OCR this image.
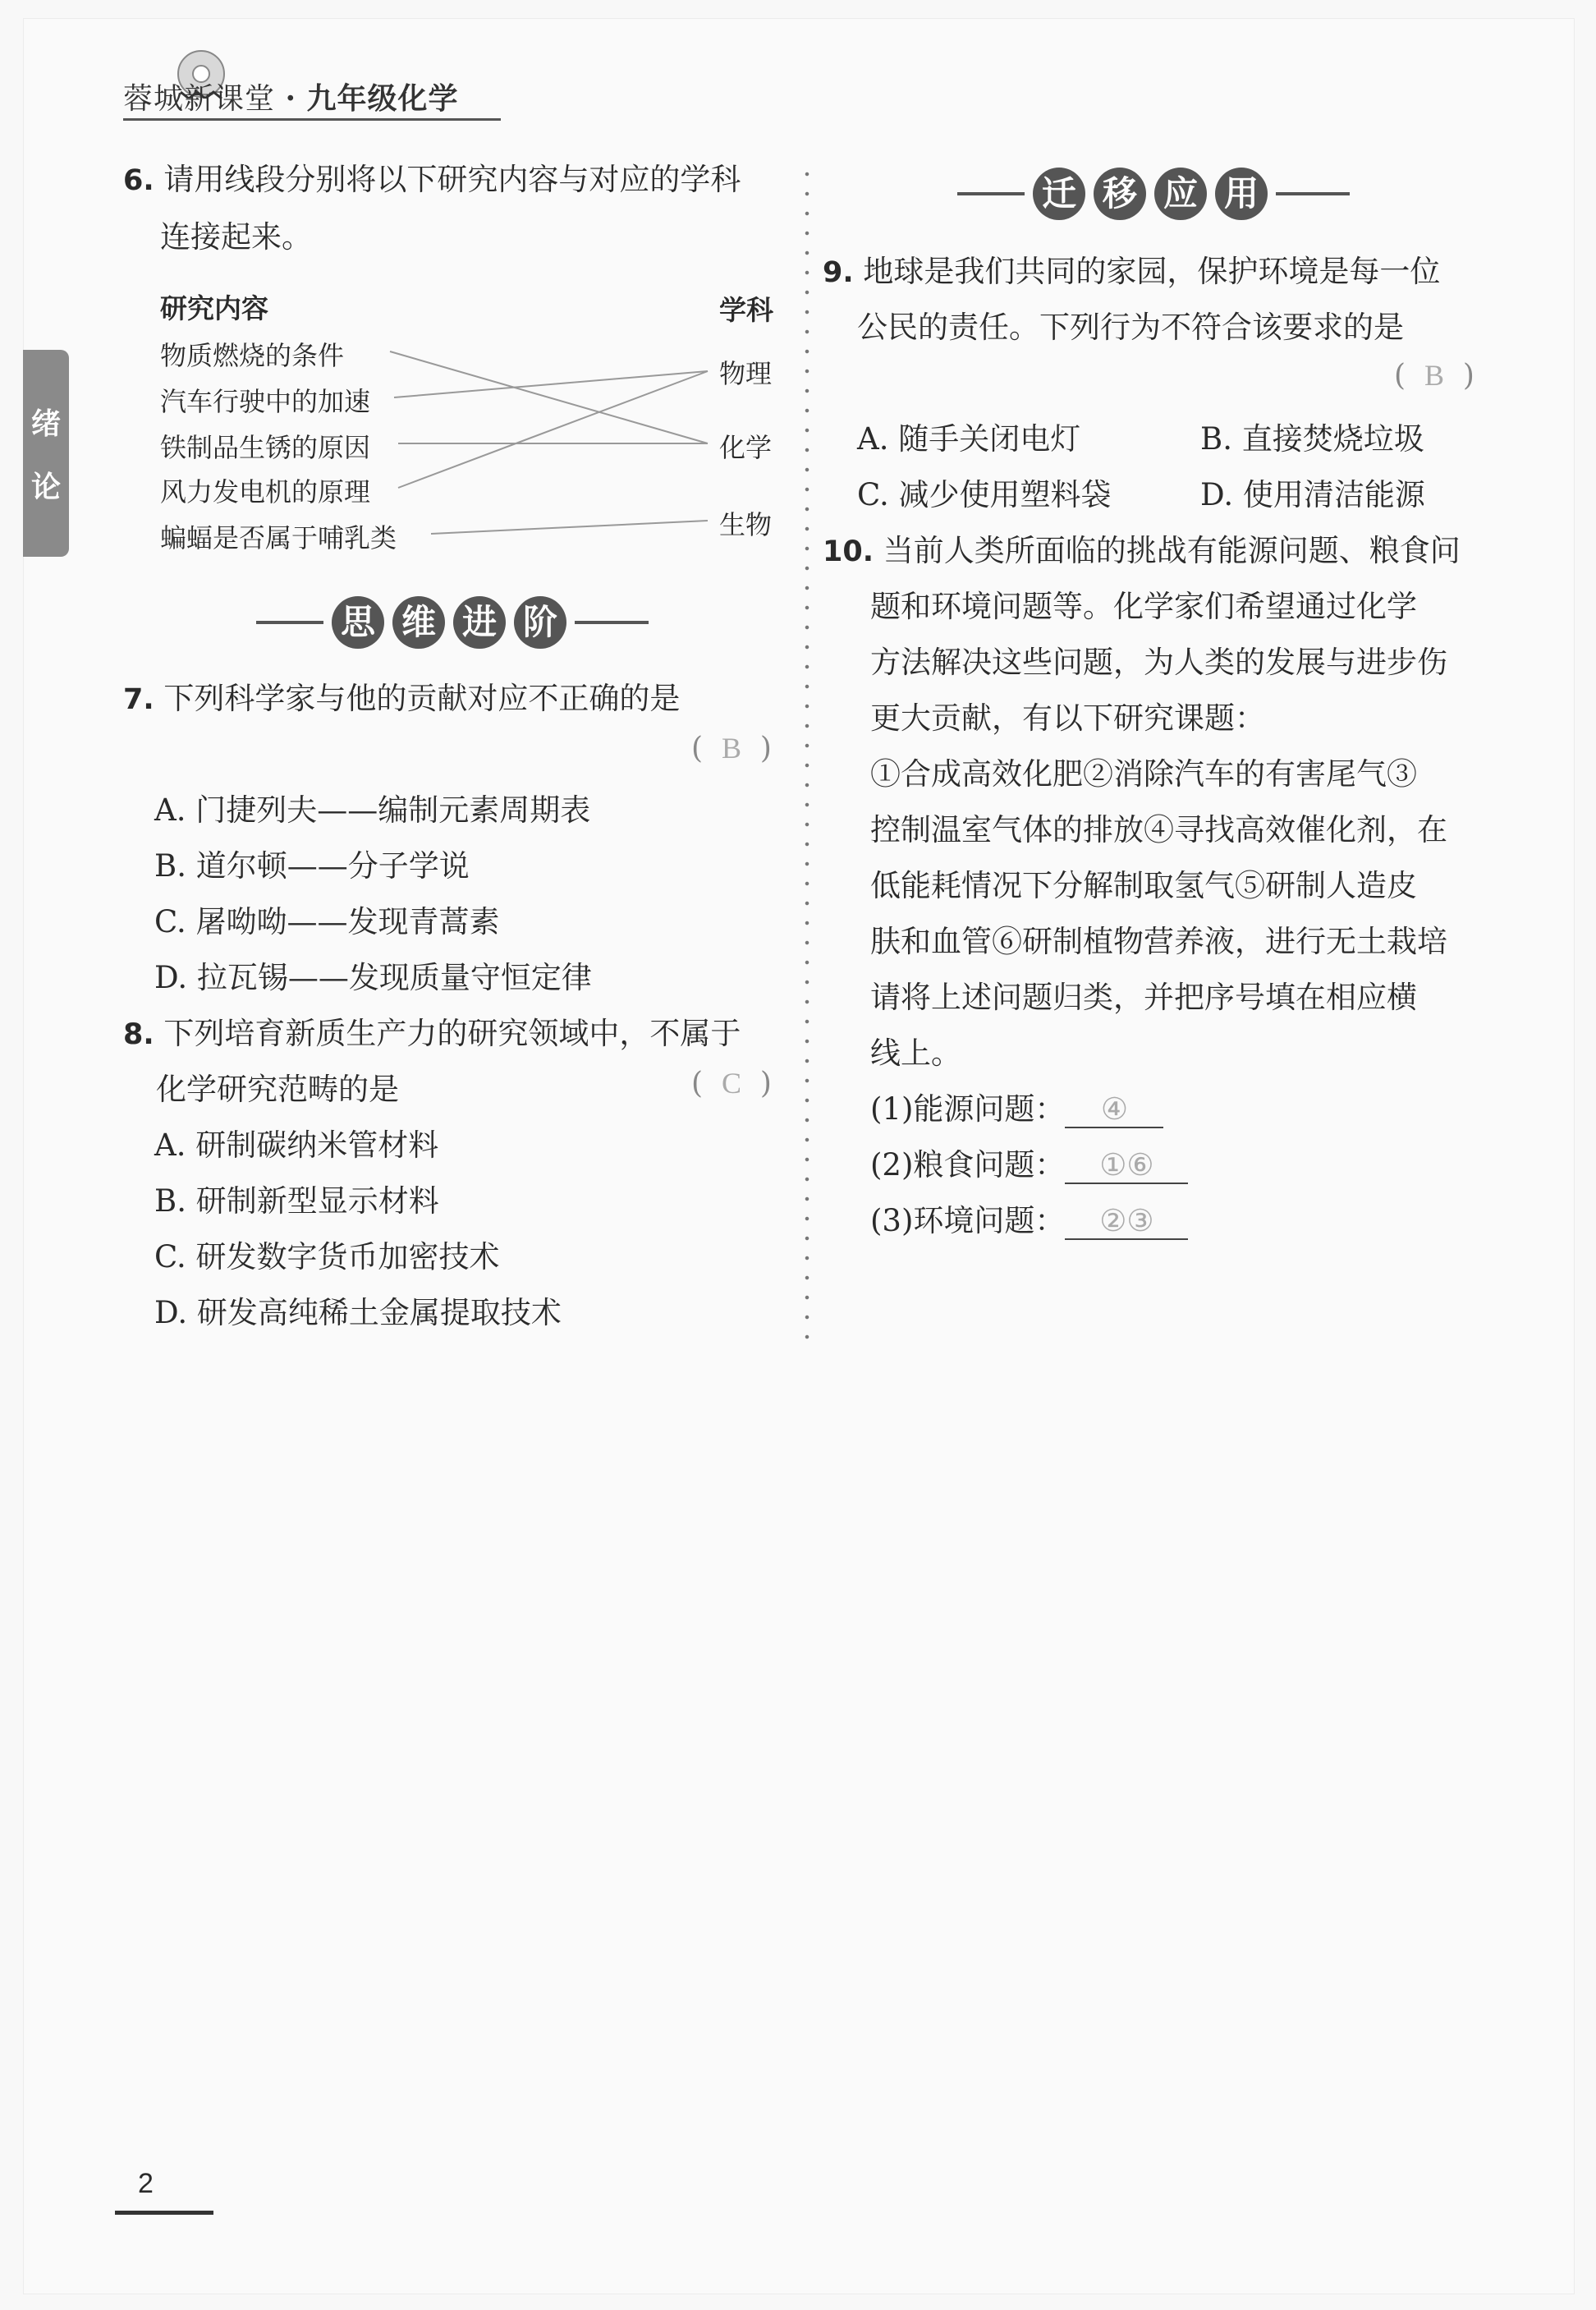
蓉城新课堂 · 九年级化学
绪
论
6. 请用线段分别将以下研究内容与对应的学科
连接起来。
研究内容	学科
物质燃烧的条件
汽车行驶中的加速
铁制品生锈的原因
风力发电机的原理
蝙蝠是否属于哺乳类
物理
化学
生物
思 维 进 阶
7. 下列科学家与他的贡献对应不正确的是
(  B  )
A. 门捷列夫——编制元素周期表
B. 道尔顿——分子学说
C. 屠呦呦——发现青蒿素
D. 拉瓦锡——发现质量守恒定律
8. 下列培育新质生产力的研究领域中，不属于
化学研究范畴的是	(  C  )
A. 研制碳纳米管材料
B. 研制新型显示材料
C. 研发数字货币加密技术
D. 研发高纯稀土金属提取技术
迁 移 应 用
9. 地球是我们共同的家园，保护环境是每一位
公民的责任。下列行为不符合该要求的是
(  B  )
A. 随手关闭电灯	B. 直接焚烧垃圾
C. 减少使用塑料袋	D. 使用清洁能源
10. 当前人类所面临的挑战有能源问题、粮食问
题和环境问题等。化学家们希望通过化学
方法解决这些问题，为人类的发展与进步伤
更大贡献，有以下研究课题：
①合成高效化肥②消除汽车的有害尾气③
控制温室气体的排放④寻找高效催化剂，在
低能耗情况下分解制取氢气⑤研制人造皮
肤和血管⑥研制植物营养液，进行无土栽培
请将上述问题归类，并把序号填在相应横
线上。
(1)能源问题： ④
(2)粮食问题： ①⑥
(3)环境问题： ②③
2
